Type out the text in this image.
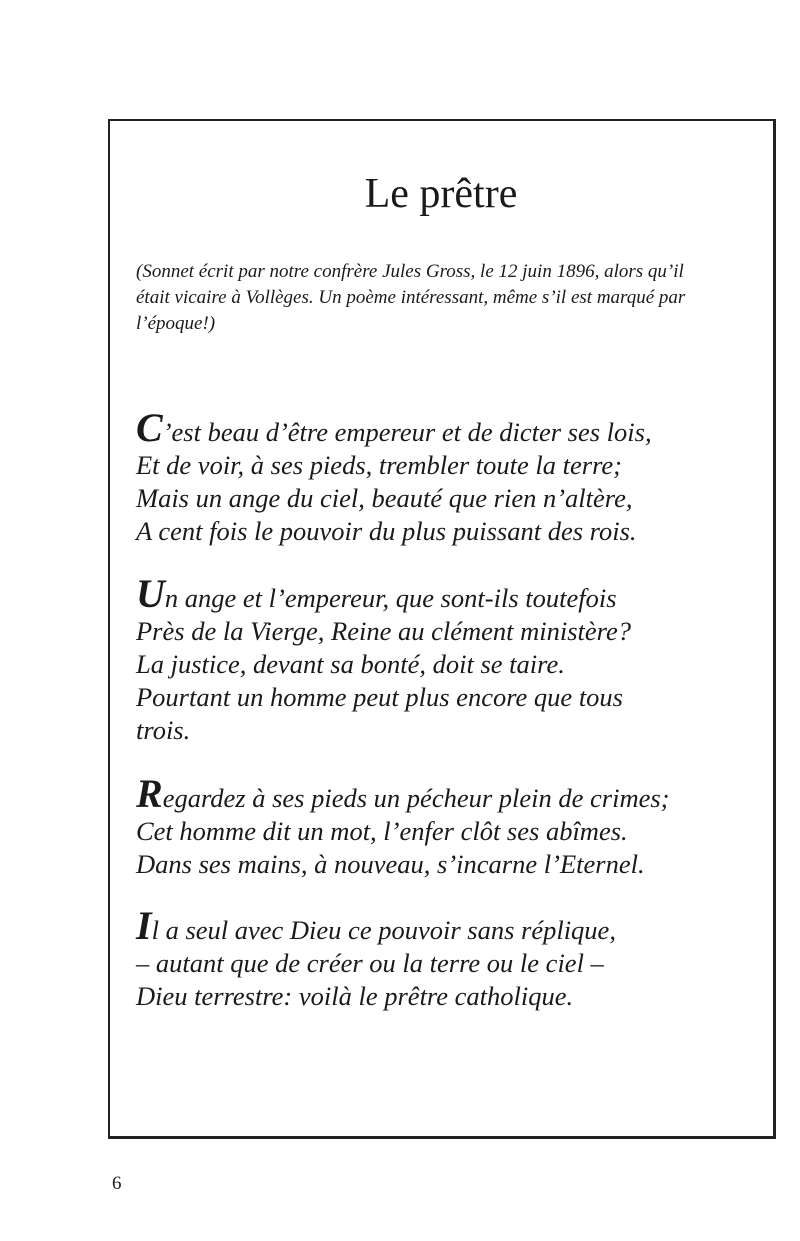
Le prêtre

(Sonnet écrit par notre confrère Jules Gross, le 12 juin 1896, alors qu’il
était vicaire à Vollèges. Un poème intéressant, même s’il est marqué par
l’époque!)

C’est beau d’être empereur et de dicter ses lois,
Et de voir, à ses pieds, trembler toute la terre;
Mais un ange du ciel, beauté que rien n’altère,
A cent fois le pouvoir du plus puissant des rois.

Un ange et l’empereur, que sont-ils toutefois
Près de la Vierge, Reine au clément ministère?
La justice, devant sa bonté, doit se taire.
Pourtant un homme peut plus encore que tous
trois.

Regardez à ses pieds un pécheur plein de crimes;
Cet homme dit un mot, l’enfer clôt ses abîmes.
Dans ses mains, à nouveau, s’incarne l’Eternel.

Il a seul avec Dieu ce pouvoir sans réplique,
– autant que de créer ou la terre ou le ciel –
Dieu terrestre: voilà le prêtre catholique.

6
